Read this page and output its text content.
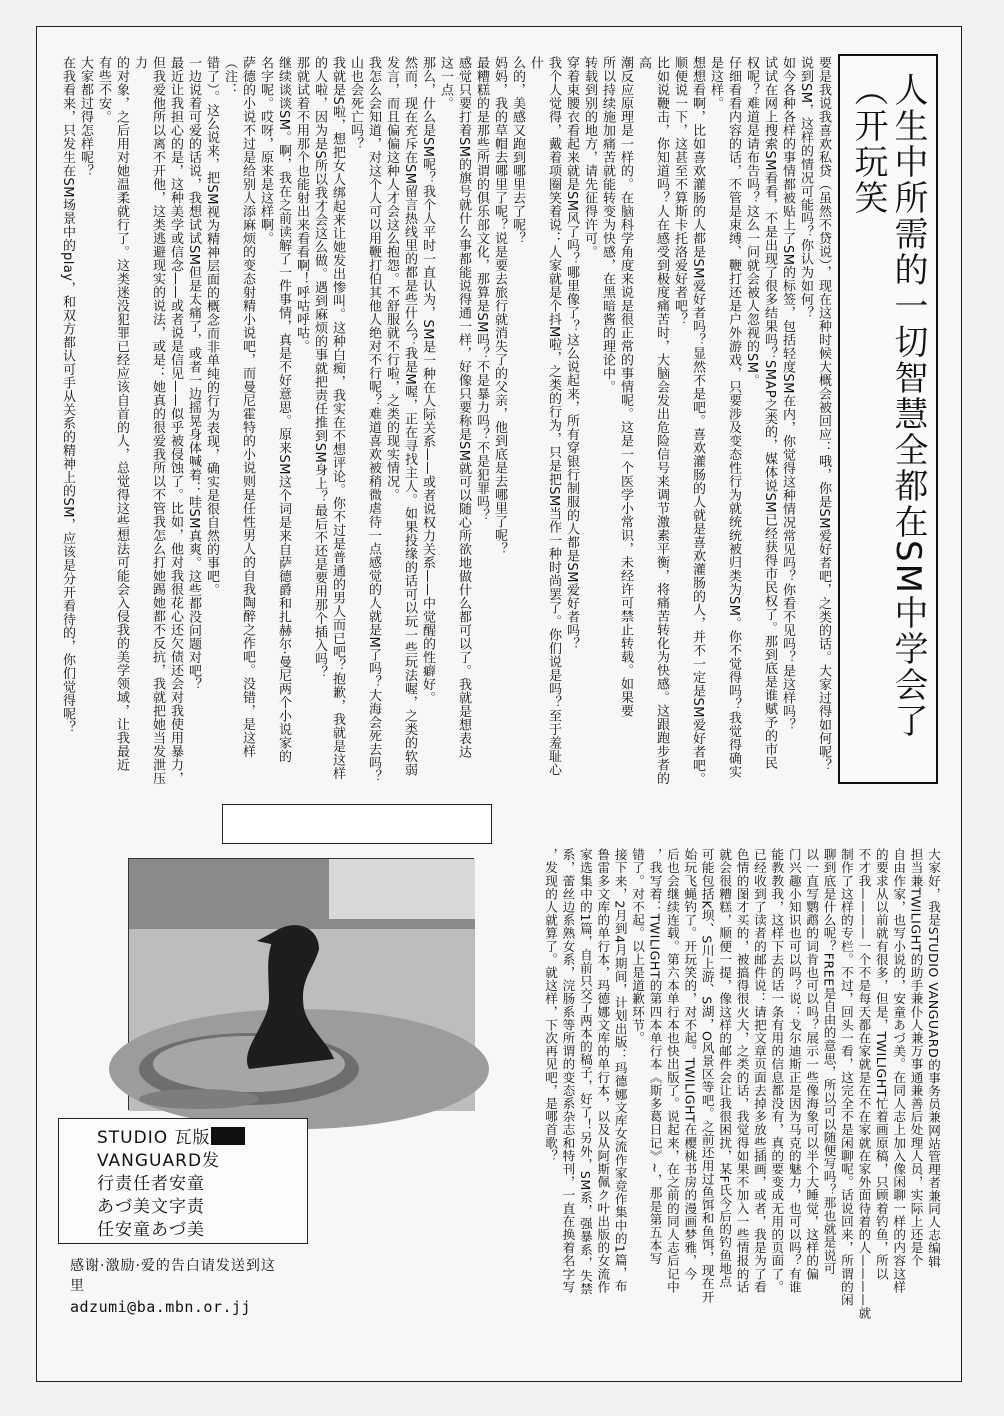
人生中所需的一切智慧全都在SM中学会了（开玩笑
要是我说我喜欢私贷（虽然不贷说），现在这种时候大概会被回应：哦，你是SM爱好者吧，之类的话。大家过得如何呢？
说到SM，这样的情况可能吗？你认为如何？
如今各种各样的事情都被贴上了SM的标签，包括轻度SM在内，你觉得这种情况常见吗？你看不见吗？是这样吗？
试试在网上搜索SM看看，不是出现了很多结果吗？SMAP之类的，媒体说SM已经获得市民权了。那到底是谁赋予的市民
权呢？难道是请布告吗？这么一问就会被人忽视的SM。
仔细看看内容的话，不管是束缚、鞭打还是户外游戏，只要涉及变态性行为就统统被归类为SM。你不觉得吗？我觉得确实
是这样。
想想看啊，比如喜欢灌肠的人都是SM爱好者吗？显然不是吧。喜欢灌肠的人就是喜欢灌肠的人，并不一定是SM爱好者吧。
顺便说一下，这甚至不算斯卡托洛爱好者吧？
比如说鞭击，你知道吗？人在感受到极度痛苦时，大脑会发出危险信号来调节激素平衡，将痛苦转化为快感。这跟跑步者的高
潮反应原理是一样的。在脑科学角度来说是很正常的事情呢。这是一个医学小常识，未经许可禁止转载。如果要
所以持续施加痛苦就能转变为快感，在黑暗酱的理论中。
转载到别的地方，请先征得许可。
穿着束腰衣看起来就是SM风了吗？哪里像了？这么说起来，所有穿银行制服的人都是SM爱好者吗？
我个人觉得，戴着项圈笑着说：人家就是个抖M啦，之类的行为，只是把SM当作一种时尚罢了。你们说是吗？至于羞耻心什
么的，美感又跑到哪里去了呢？
妈妈，我的草帽去哪里了呢？说是要去旅行就消失了的父亲，他到底是去哪里了呢？
最糟糕的是那些所谓的俱乐部文化，那算是SM吗？不是暴力吗？不是犯罪吗？
感觉只要打着SM的旗号就什么事都能说得通一样，好像只要称是SM就可以随心所欲地做什么都可以了。我就是想表达
这一点。
那么，什么是SM呢？我个人平时一直认为，SM是一种在人际关系——或者说权力关系——中觉醒的性癖好。
然而，现在充斥在SM留言热线里的都是些什么？我是M喔，正在寻找主人。如果投缘的话可以玩一些玩法喔，之类的软弱
发言，而且偏偏这种人才会这么抱怨。不舒服就不行啦，之类的现实情况。
我怎么会知道，对这个人可以用鞭打伯其他人绝对不行呢？难道喜欢被稍微虐待一点感觉的人就是M了吗？大海会死去吗？
山也会死亡吗？
我就是S啦，想把女人绑起来让她发出惨叫。这种白痴，我实在不想评论。你不过是普通的男人而已吧？抱歉，我就是这样
的人啦，因为是S所以我才会这么做。遇到麻烦的事就把责任推到SM身上？最后不还是要用那个插入吗？
那就试着不用那个也能射出来看看啊！呼咕呼咕。
继续谈谈SM。啊，我在之前读解了一件事情，真是不好意思。原来SM这个词是来自萨德爵和扎赫尔·曼尼两个小说家的
名字呢。哎呀，原来是这样啊。
萨德的小说不过是给别人添麻烦的变态射精小说吧，而曼尼霍特的小说则是任性男人的自我陶醉之作吧。没错，是这样（注：
错了）。这么说来，把SM视为精神层面的概念而非单纯的行为表现，确实是很自然的事吧。
一边说着可爱的话说，我想试试SM但是太痛了，或者一边摇晃身体喊着：哇SM真爽。这些都没问题对吧？
最近让我担心的是，这种美学或信念——或者说是信见——似乎被侵蚀了。比如，他对我很花心还欠债还会对我使用暴力，
但我爱他所以离不开他，这类逃避现实的说法，或是：她真的很爱我所以不管我怎么打她踢她都不反抗，我就把她当发泄压力
的对象，之后用对她温柔就行了。这类迷没犯罪已经应该自首的人，总觉得这些想法可能会入侵我的美学领域，让我最近
有些不安。
大家都过得怎样呢？
在我看来，只发生在SM场景中的play，和双方都认可手从关系的精神上的SM，应该是分开看待的，你们觉得呢？
大家好，我是STUDIO VANGUARD的事务员兼网站管理者兼同人志编辑
担当兼TWILIGHT的助手兼仆人兼万事通兼善后处理人员，实际上还是个
自由作家，也写小说的，安童あづ美。在同人志上加入像闲聊一样的内容这样
的要求从以前就有很多，但是，TWILIGHT忙着画原稿，只顾着钓鱼，所以
不才我————一个不是每天都在家就是在不在家就在家外面待着的人————就
制作了这样的专栏。不过，回头一看，这完全不是闲聊呢。话说回来，所谓的闲
聊到底是什么呢？FREE是自由的意思，所以可以随便写吗？那也就是说可
以一直写鹦鹉的词肯也可以吗？展示一些像海象可以半个大睡觉，这样的偏
门兴趣小知识也可以吗？说：戈尔迪斯正是因为马克的魅力，也可以吗？有谁
能教教我，这样下去的话一条有用的信息都没有，真的要变成无用的页面了。
已经收到了读者的邮件说：请把文章页面去掉多放些插画，或者，我是为了看
色情的图才买的，被搞得很火大，之类的话，我觉得如果不加入一些情报的话
就会很糟糕，顺便一提，像这样的邮件会让我很困扰，某F氏今后的钓鱼地点
可能包括K坝、S川上游、S湖，O风景区等吧。之前还用过鱼饵和鱼饵，现在开
始玩飞蝇钓了。开玩笑的，对不起。TWILIGHT在樱桃书房的漫画梦雅，今
后也会继续连载。第六本单行本也快出版了。说起来，在之前的同人志后记中
，我写着：TWILIGHT的第四本单行本《斯多葛日记》~，那是第五本写
错了。对不起。以上是道歉环节。
接下来，2月到4月期间，计划出版：玛德娜文库女流作家竞作集中的1篇，布
鲁雷多文库的单行本，玛德娜文库的单行本，以及从阿斯佩ク叶出版的女流作
家选集中的1篇，自前只交了两本的稿子，好了！另外，SM系，强暴系，失禁
系，蕾丝边系熟女系，浣肠系等所谓的变态系杂志和特刊，一直在换着名字写
，发现的人就算了。就这样，下次再见吧，是哪首歌？
STUDIO 瓦版
VANGUARD发
行责任者安童
あづ美文字责
任安童あづ美
感谢·激励·爱的告白请发送到这里
adzumi@ba.mbn.or.jj
